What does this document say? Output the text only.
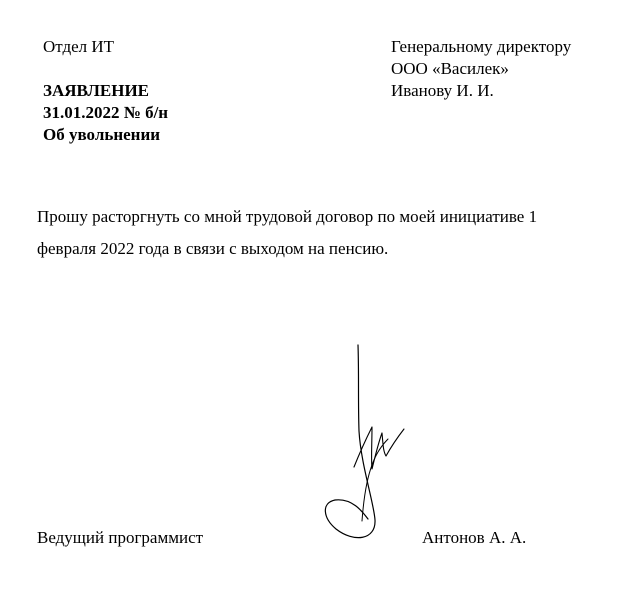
Отдел ИТ	Генеральному директору
ООО «Василек»
Иванову И. И.
ЗАЯВЛЕНИЕ
31.01.2022 № б/н
Об увольнении
Прошу расторгнуть со мной трудовой договор по моей инициативе 1
февраля 2022 года в связи с выходом на пенсию.
Ведущий программист	Антонов А. А.
